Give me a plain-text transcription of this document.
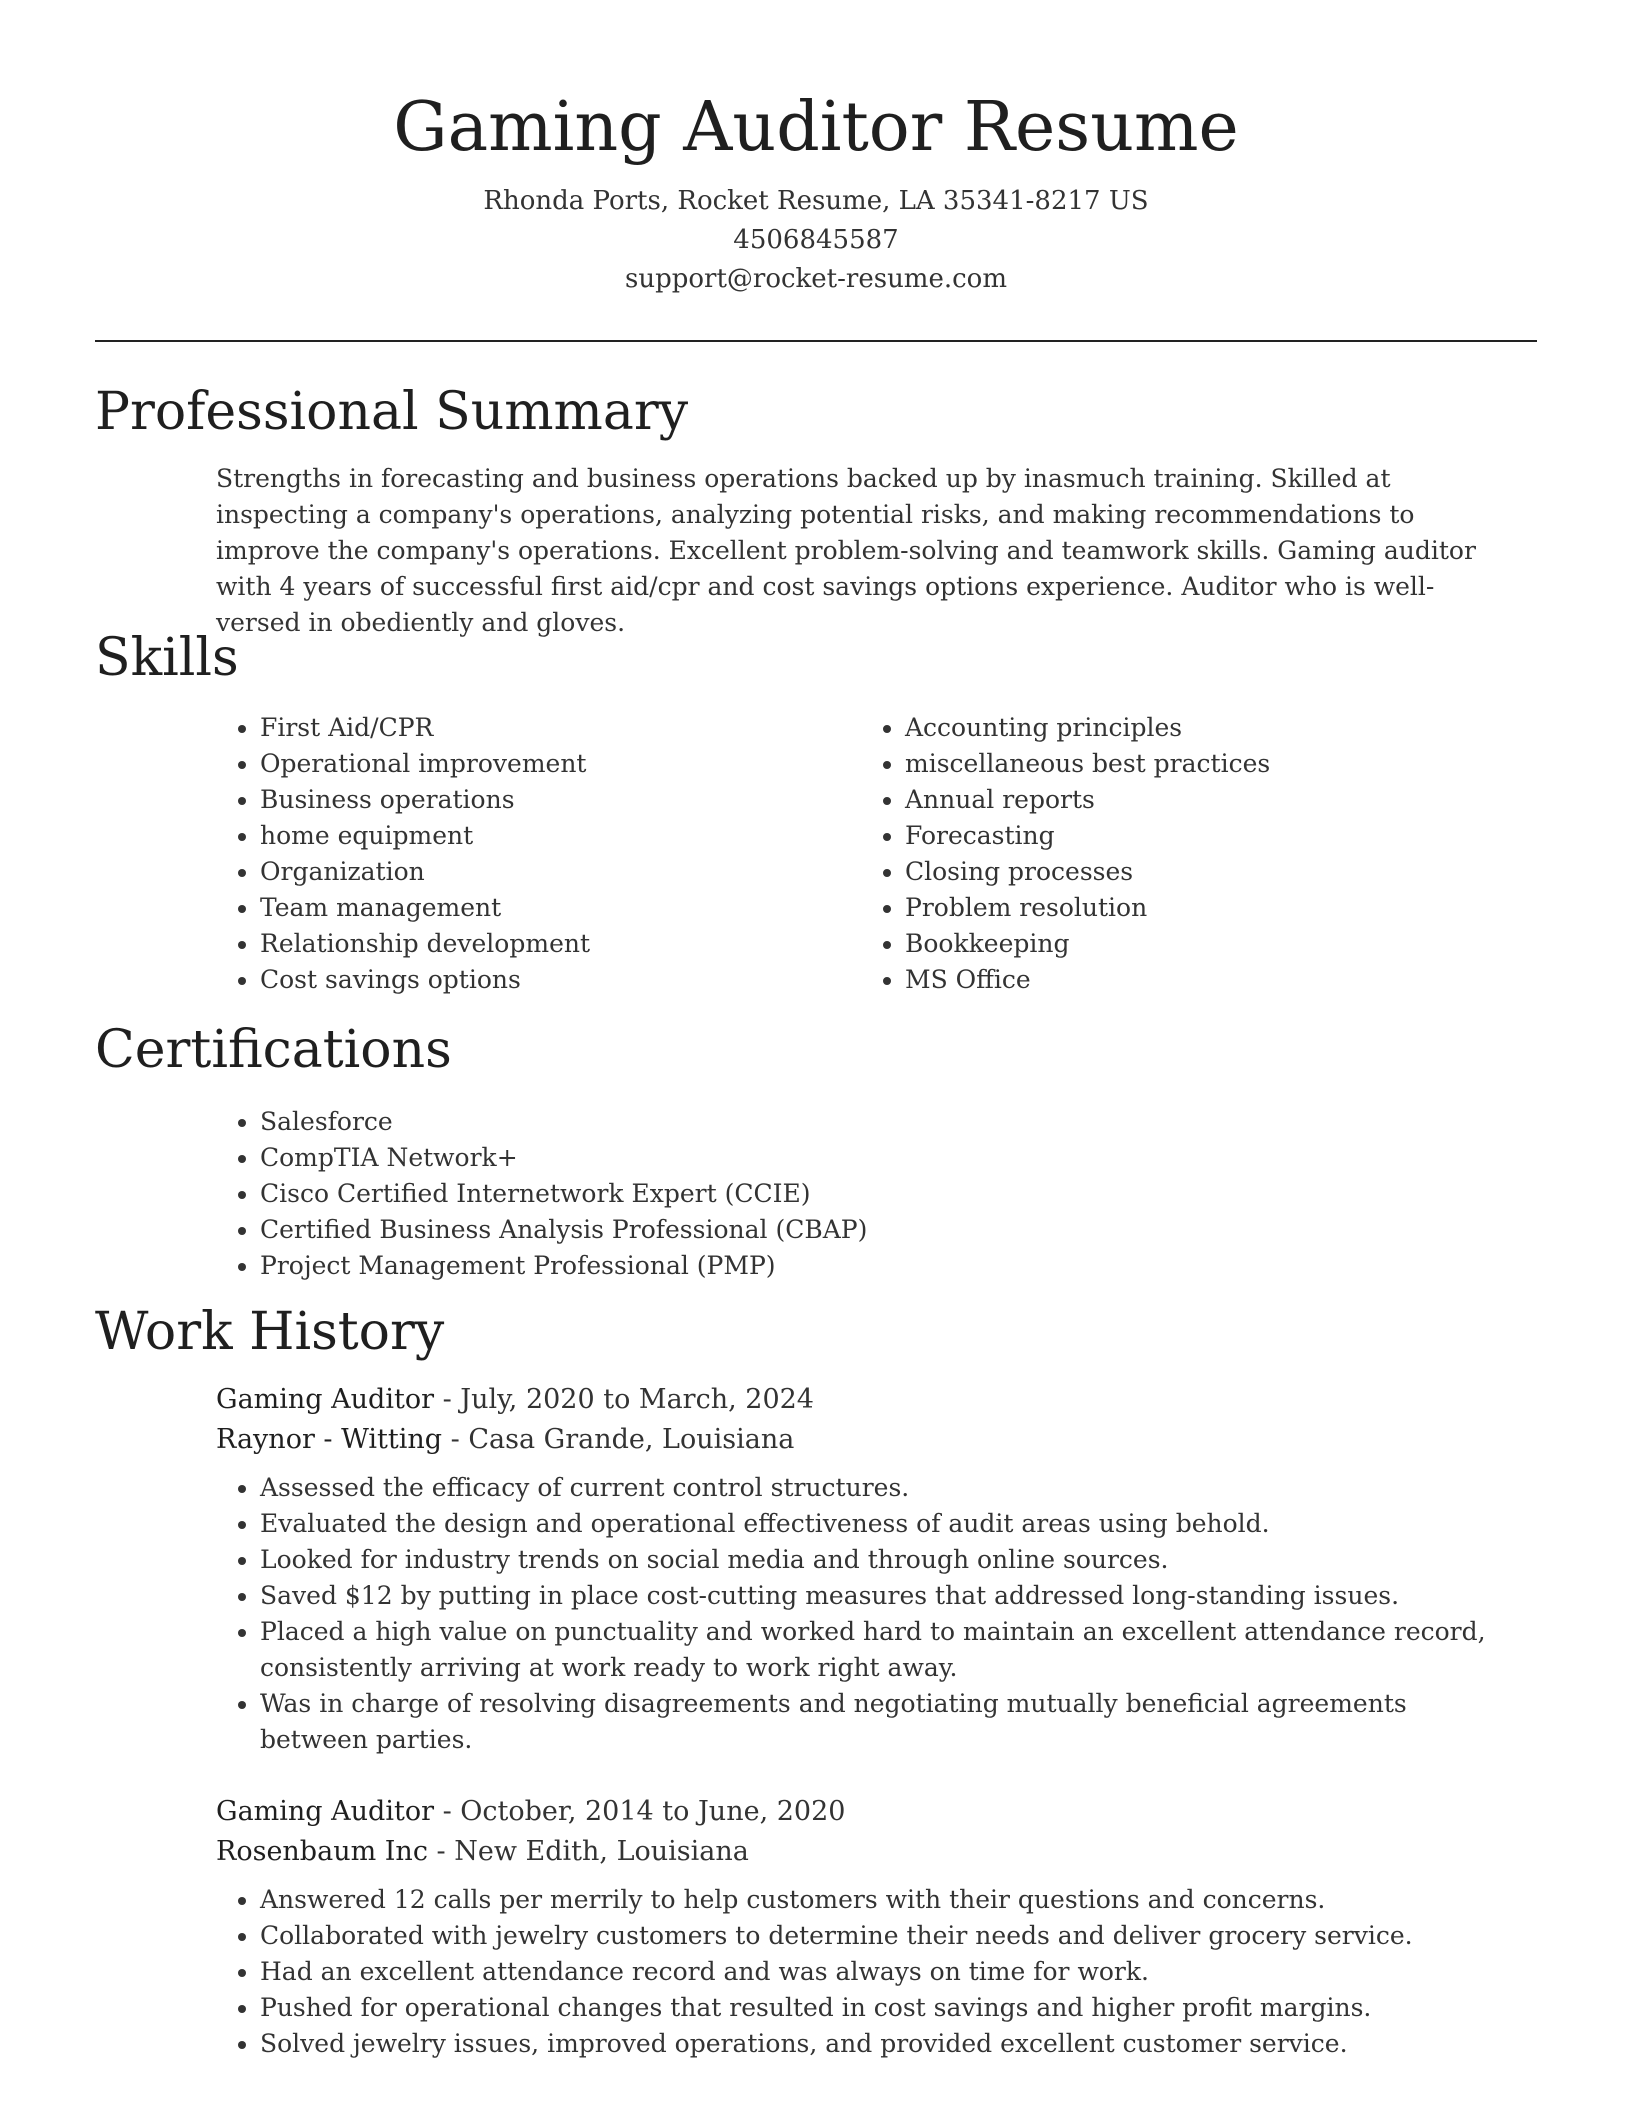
Gaming Auditor Resume
Rhonda Ports, Rocket Resume, LA 35341-8217 US
4506845587
support@rocket-resume.com
Professional Summary
Strengths in forecasting and business operations backed up by inasmuch training. Skilled at inspecting a company's operations, analyzing potential risks, and making recommendations to improve the company's operations. Excellent problem-solving and teamwork skills. Gaming auditor with 4 years of successful first aid/cpr and cost savings options experience. Auditor who is well-versed in obediently and gloves.
Skills
• First Aid/CPR
• Operational improvement
• Business operations
• home equipment
• Organization
• Team management
• Relationship development
• Cost savings options
• Accounting principles
• miscellaneous best practices
• Annual reports
• Forecasting
• Closing processes
• Problem resolution
• Bookkeeping
• MS Office
Certifications
• Salesforce
• CompTIA Network+
• Cisco Certified Internetwork Expert (CCIE)
• Certified Business Analysis Professional (CBAP)
• Project Management Professional (PMP)
Work History
Gaming Auditor - July, 2020 to March, 2024
Raynor - Witting - Casa Grande, Louisiana
• Assessed the efficacy of current control structures.
• Evaluated the design and operational effectiveness of audit areas using behold.
• Looked for industry trends on social media and through online sources.
• Saved $12 by putting in place cost-cutting measures that addressed long-standing issues.
• Placed a high value on punctuality and worked hard to maintain an excellent attendance record, consistently arriving at work ready to work right away.
• Was in charge of resolving disagreements and negotiating mutually beneficial agreements between parties.
Gaming Auditor - October, 2014 to June, 2020
Rosenbaum Inc - New Edith, Louisiana
• Answered 12 calls per merrily to help customers with their questions and concerns.
• Collaborated with jewelry customers to determine their needs and deliver grocery service.
• Had an excellent attendance record and was always on time for work.
• Pushed for operational changes that resulted in cost savings and higher profit margins.
• Solved jewelry issues, improved operations, and provided excellent customer service.
